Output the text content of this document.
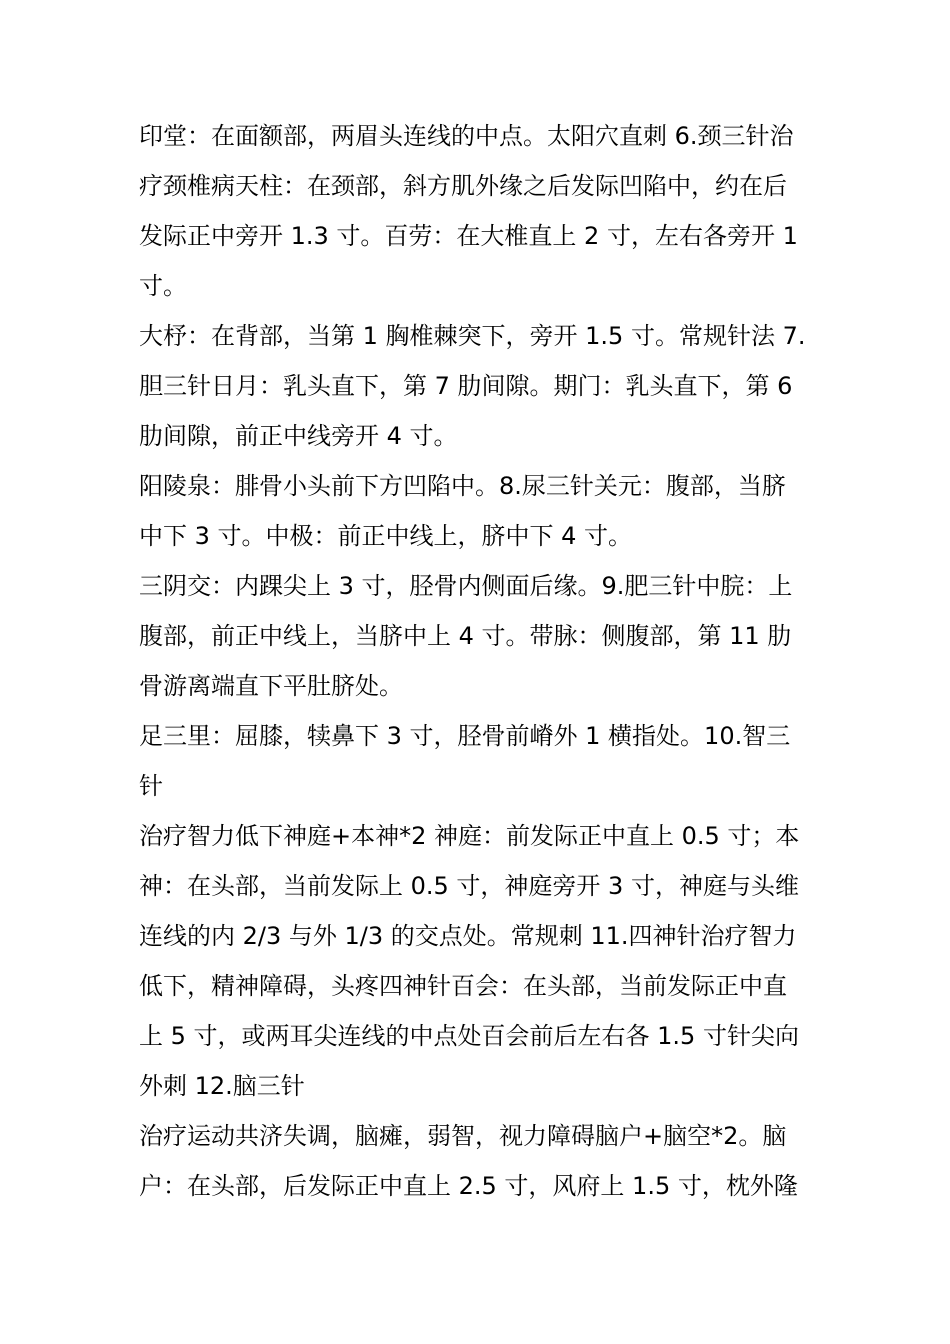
印堂：在面额部，两眉头连线的中点。太阳穴直刺 6.颈三针治
疗颈椎病天柱：在颈部，斜方肌外缘之后发际凹陷中，约在后
发际正中旁开 1.3 寸。百劳：在大椎直上 2 寸，左右各旁开 1
寸。

大杼：在背部，当第 1 胸椎棘突下，旁开 1.5 寸。常规针法 7.
胆三针日月：乳头直下，第 7 肋间隙。期门：乳头直下，第 6
肋间隙，前正中线旁开 4 寸。

阳陵泉：腓骨小头前下方凹陷中。8.尿三针关元：腹部，当脐
中下 3 寸。中极：前正中线上，脐中下 4 寸。

三阴交：内踝尖上 3 寸，胫骨内侧面后缘。9.肥三针中脘：上
腹部，前正中线上，当脐中上 4 寸。带脉：侧腹部，第 11 肋
骨游离端直下平肚脐处。

足三里：屈膝，犊鼻下 3 寸，胫骨前嵴外 1 横指处。10.智三
针

治疗智力低下神庭+本神*2 神庭：前发际正中直上 0.5 寸；本
神：在头部，当前发际上 0.5 寸，神庭旁开 3 寸，神庭与头维
连线的内 2/3 与外 1/3 的交点处。常规刺 11.四神针治疗智力
低下，精神障碍，头疼四神针百会：在头部，当前发际正中直
上 5 寸，或两耳尖连线的中点处百会前后左右各 1.5 寸针尖向
外刺 12.脑三针

治疗运动共济失调，脑瘫，弱智，视力障碍脑户+脑空*2。脑
户：在头部，后发际正中直上 2.5 寸，风府上 1.5 寸，枕外隆
